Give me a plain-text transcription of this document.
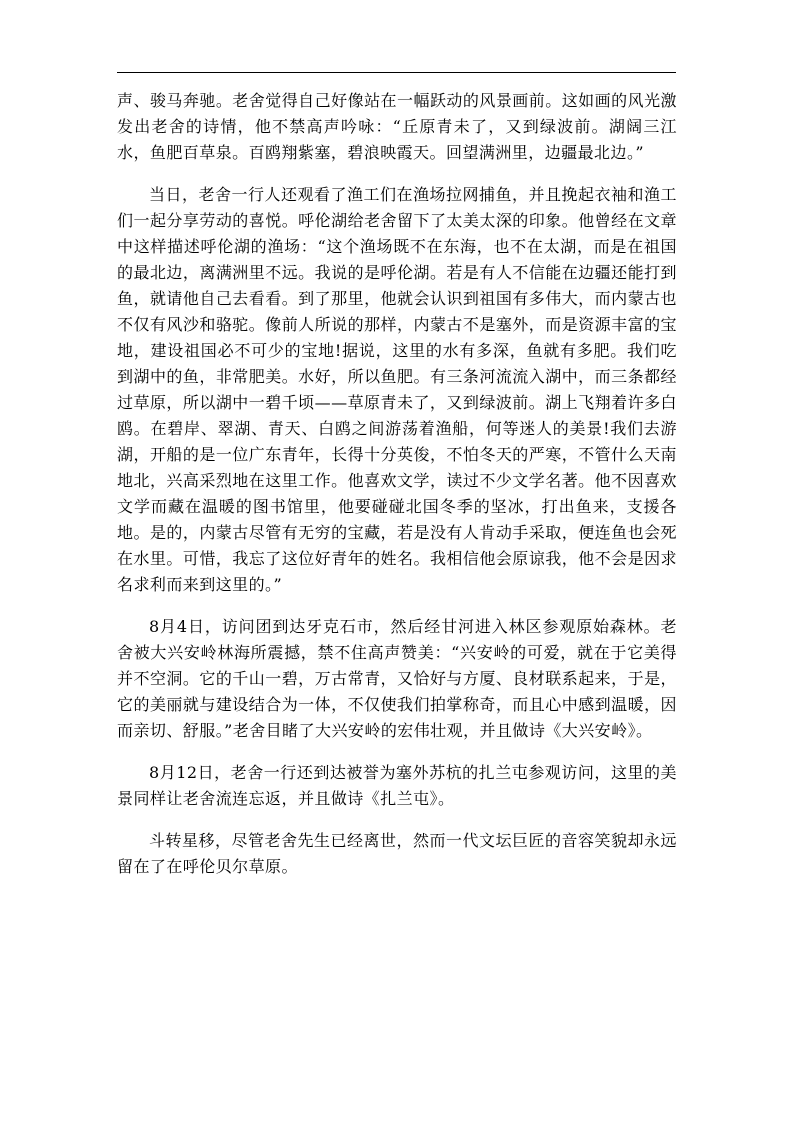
声、骏马奔驰。老舍觉得自己好像站在一幅跃动的风景画前。这如画的风光激发出老舍的诗情，他不禁高声吟咏：“丘原青未了，又到绿波前。湖阔三江水，鱼肥百草泉。百鸥翔紫塞，碧浪映霞天。回望满洲里，边疆最北边。”

当日，老舍一行人还观看了渔工们在渔场拉网捕鱼，并且挽起衣袖和渔工们一起分享劳动的喜悦。呼伦湖给老舍留下了太美太深的印象。他曾经在文章中这样描述呼伦湖的渔场：“这个渔场既不在东海，也不在太湖，而是在祖国的最北边，离满洲里不远。我说的是呼伦湖。若是有人不信能在边疆还能打到鱼，就请他自己去看看。到了那里，他就会认识到祖国有多伟大，而内蒙古也不仅有风沙和骆驼。像前人所说的那样，内蒙古不是塞外，而是资源丰富的宝地，建设祖国必不可少的宝地!据说，这里的水有多深，鱼就有多肥。我们吃到湖中的鱼，非常肥美。水好，所以鱼肥。有三条河流流入湖中，而三条都经过草原，所以湖中一碧千顷——草原青未了，又到绿波前。湖上飞翔着许多白鸥。在碧岸、翠湖、青天、白鸥之间游荡着渔船，何等迷人的美景!我们去游湖，开船的是一位广东青年，长得十分英俊，不怕冬天的严寒，不管什么天南地北，兴高采烈地在这里工作。他喜欢文学，读过不少文学名著。他不因喜欢文学而藏在温暖的图书馆里，他要碰碰北国冬季的坚冰，打出鱼来，支援各地。是的，内蒙古尽管有无穷的宝藏，若是没有人肯动手采取，便连鱼也会死在水里。可惜，我忘了这位好青年的姓名。我相信他会原谅我，他不会是因求名求利而来到这里的。”

8月4日，访问团到达牙克石市，然后经甘河进入林区参观原始森林。老舍被大兴安岭林海所震撼，禁不住高声赞美：“兴安岭的可爱，就在于它美得并不空洞。它的千山一碧，万古常青，又恰好与方厦、良材联系起来，于是，它的美丽就与建设结合为一体，不仅使我们拍掌称奇，而且心中感到温暖，因而亲切、舒服。”老舍目睹了大兴安岭的宏伟壮观，并且做诗《大兴安岭》。

8月12日，老舍一行还到达被誉为塞外苏杭的扎兰屯参观访问，这里的美景同样让老舍流连忘返，并且做诗《扎兰屯》。

斗转星移，尽管老舍先生已经离世，然而一代文坛巨匠的音容笑貌却永远留在了在呼伦贝尔草原。
